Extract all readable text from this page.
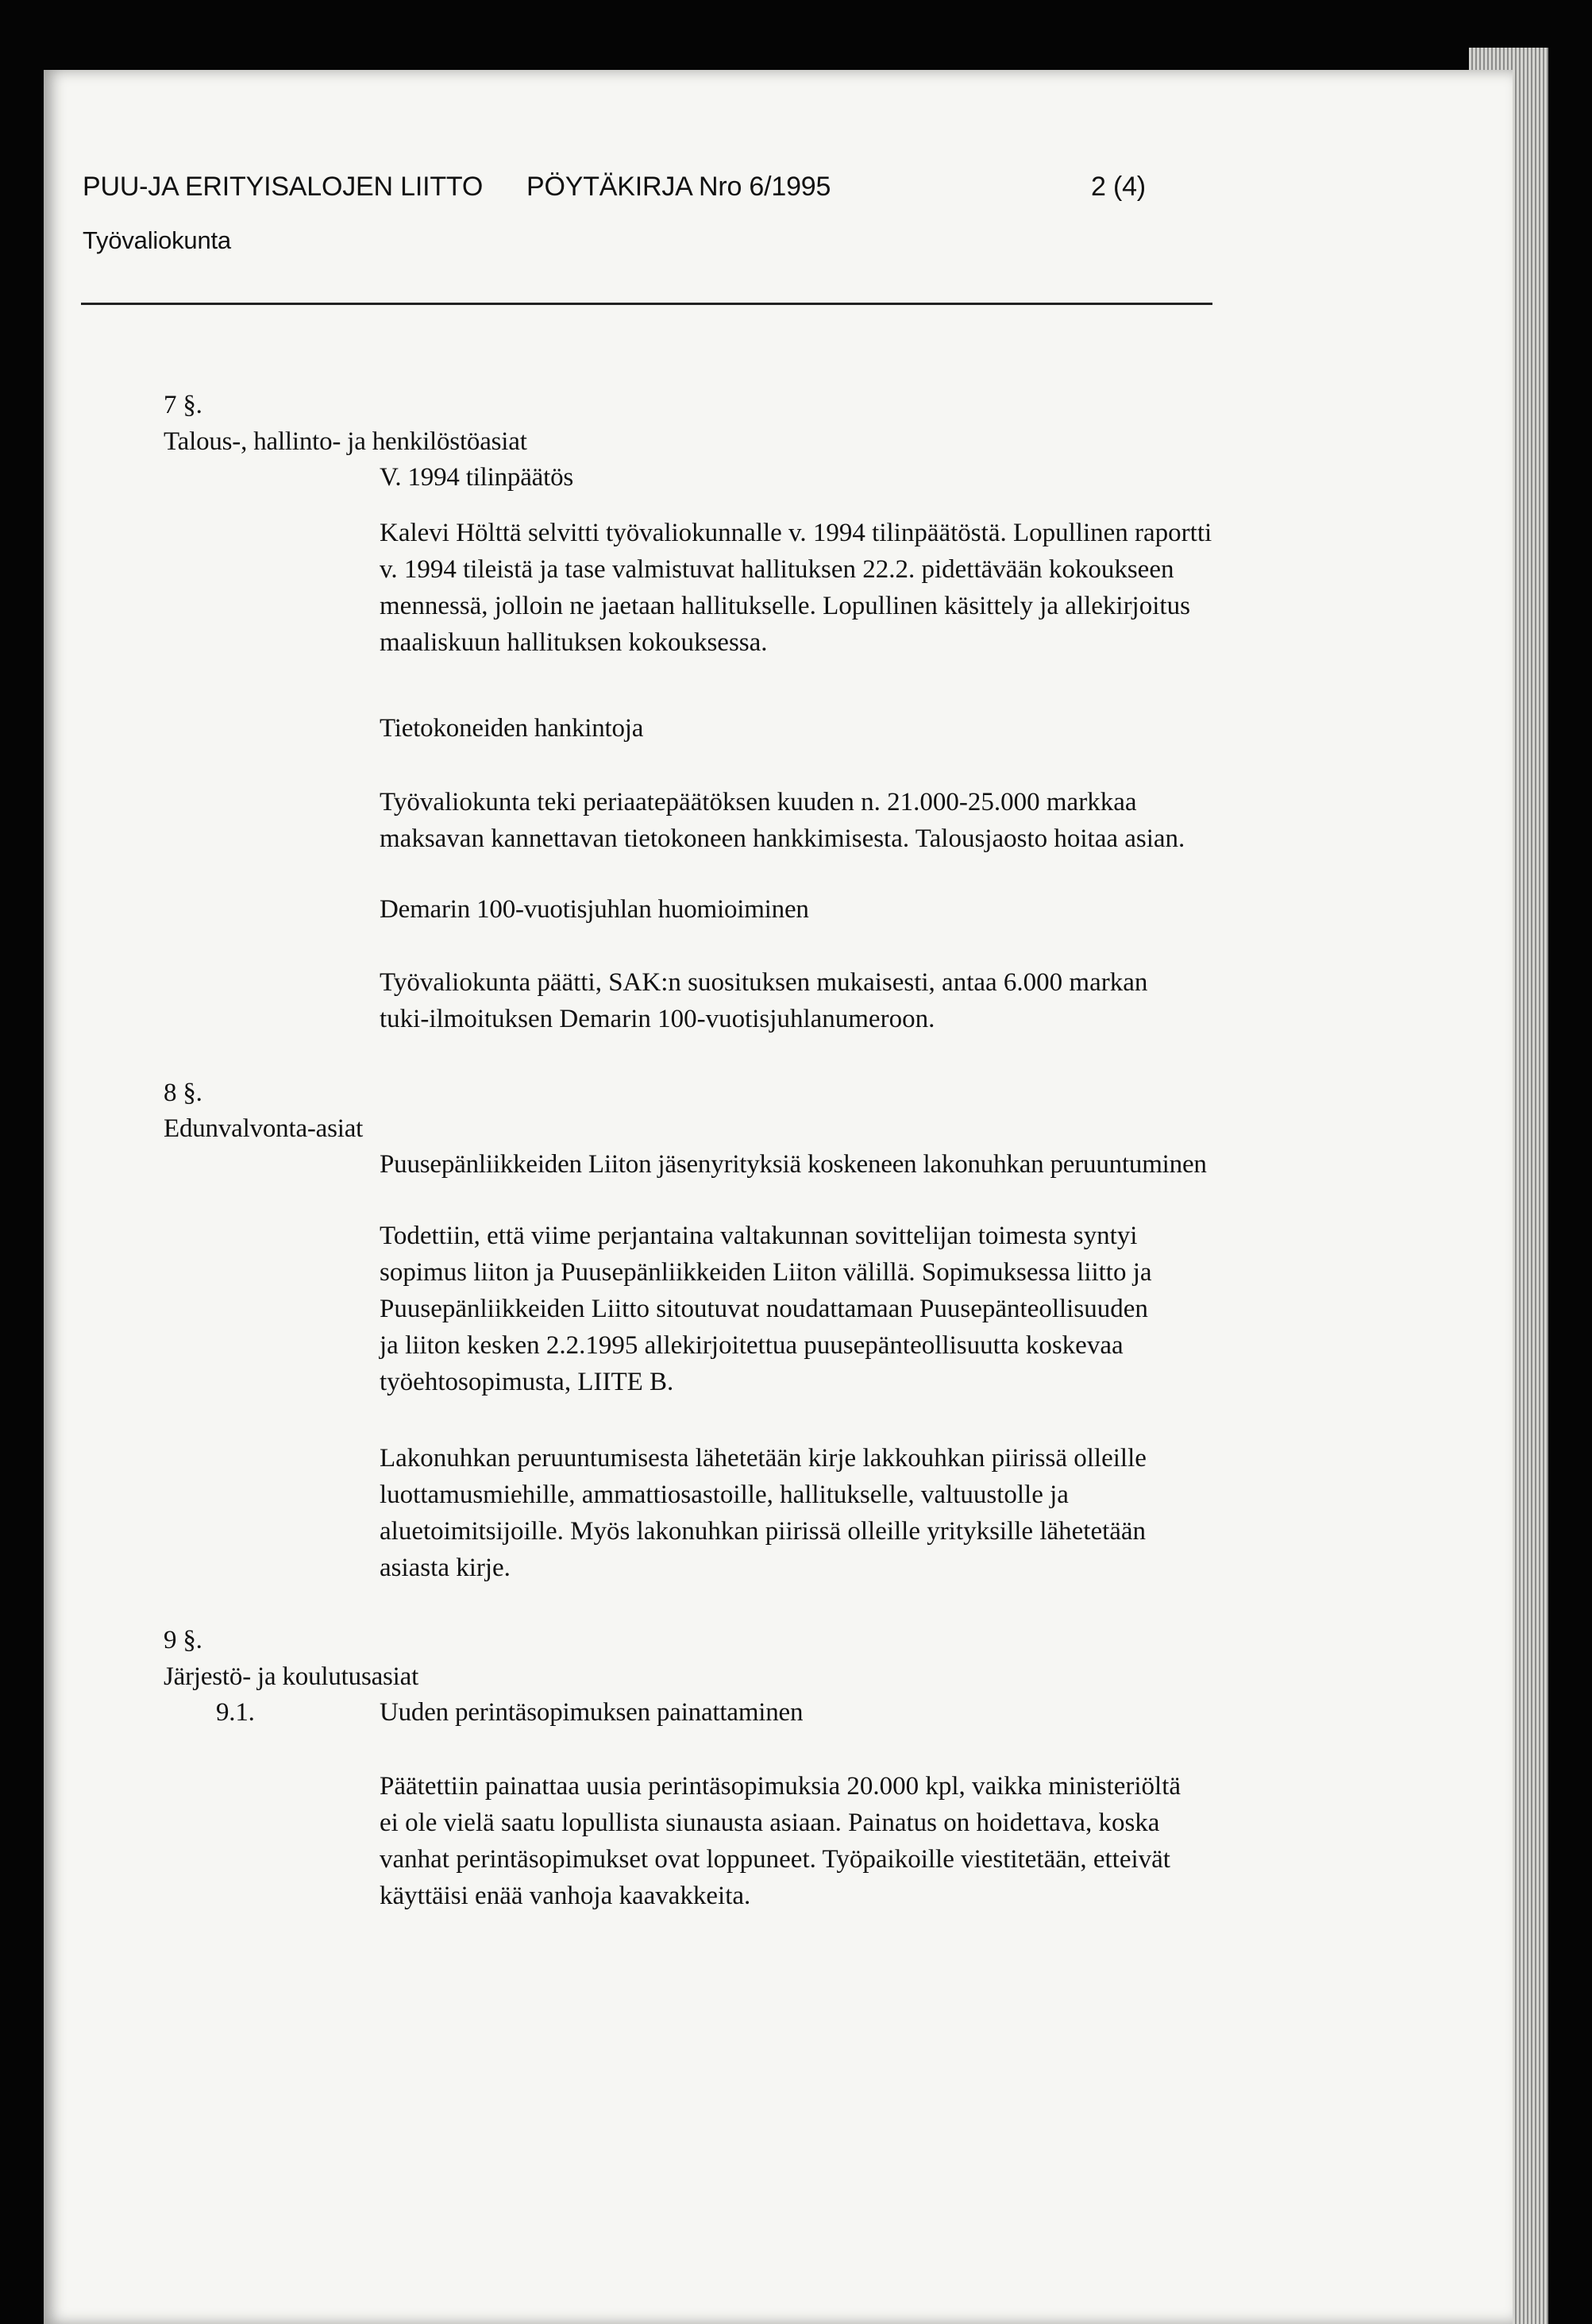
PUU-JA ERITYISALOJEN LIITTO PÖYTÄKIRJA Nro 6/1995	2 (4)
Työvaliokunta
7 §.
Talous-, hallinto- ja henkilöstöasiat
V. 1994 tilinpäätös
Kalevi Hölttä selvitti työvaliokunnalle v. 1994 tilinpäätöstä. Lopullinen raportti
v. 1994 tileistä ja tase valmistuvat hallituksen 22.2. pidettävään kokoukseen
mennessä, jolloin ne jaetaan hallitukselle. Lopullinen käsittely ja allekirjoitus
maaliskuun hallituksen kokouksessa.
Tietokoneiden hankintoja
Työvaliokunta teki periaatepäätöksen kuuden n. 21.000-25.000 markkaa
maksavan kannettavan tietokoneen hankkimisesta. Talousjaosto hoitaa asian.
Demarin 100-vuotisjuhlan huomioiminen
Työvaliokunta päätti, SAK:n suosituksen mukaisesti, antaa 6.000 markan
tuki-ilmoituksen Demarin 100-vuotisjuhlanumeroon.
8 §.
Edunvalvonta-asiat
Puusepänliikkeiden Liiton jäsenyrityksiä koskeneen lakonuhkan peruuntuminen
Todettiin, että viime perjantaina valtakunnan sovittelijan toimesta syntyi
sopimus liiton ja Puusepänliikkeiden Liiton välillä. Sopimuksessa liitto ja
Puusepänliikkeiden Liitto sitoutuvat noudattamaan Puusepänteollisuuden
ja liiton kesken 2.2.1995 allekirjoitettua puusepänteollisuutta koskevaa
työehtosopimusta, LIITE B.
Lakonuhkan peruuntumisesta lähetetään kirje lakkouhkan piirissä olleille
luottamusmiehille, ammattiosastoille, hallitukselle, valtuustolle ja
aluetoimitsijoille. Myös lakonuhkan piirissä olleille yrityksille lähetetään
asiasta kirje.
9 §.
Järjestö- ja koulutusasiat
9.1.	Uuden perintäsopimuksen painattaminen
Päätettiin painattaa uusia perintäsopimuksia 20.000 kpl, vaikka ministeriöltä
ei ole vielä saatu lopullista siunausta asiaan. Painatus on hoidettava, koska
vanhat perintäsopimukset ovat loppuneet. Työpaikoille viestitetään, etteivät
käyttäisi enää vanhoja kaavakkeita.
